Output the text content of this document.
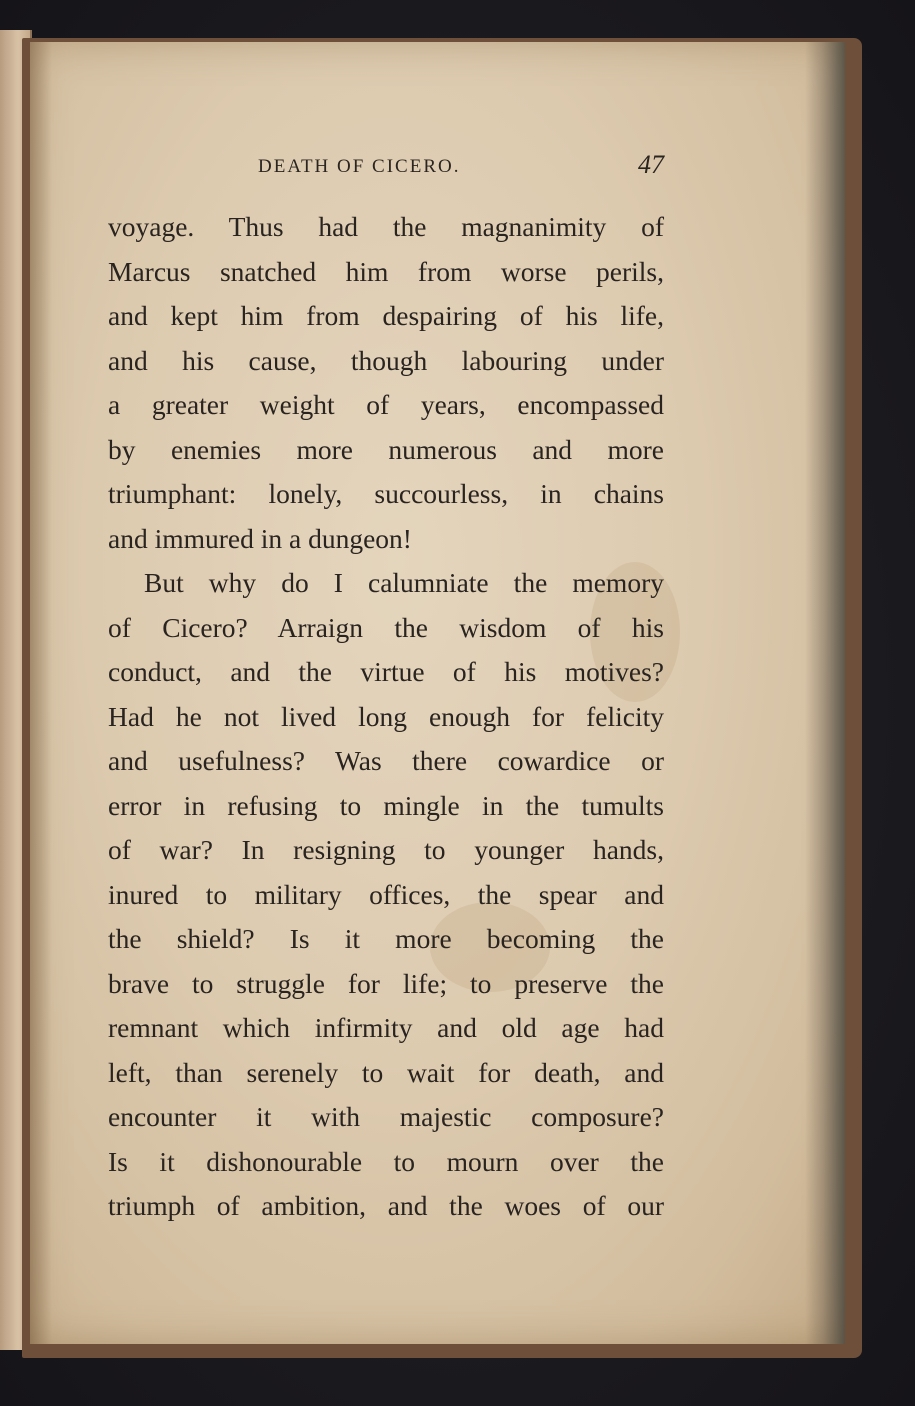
DEATH OF CICERO.	47
voyage. Thus had the magnanimity of
Marcus snatched him from worse perils,
and kept him from despairing of his life,
and his cause, though labouring under
a greater weight of years, encompassed
by enemies more numerous and more
triumphant: lonely, succourless, in chains
and immured in a dungeon!
But why do I calumniate the memory
of Cicero? Arraign the wisdom of his
conduct, and the virtue of his motives?
Had he not lived long enough for felicity
and usefulness? Was there cowardice or
error in refusing to mingle in the tumults
of war? In resigning to younger hands,
inured to military offices, the spear and
the shield? Is it more becoming the
brave to struggle for life; to preserve the
remnant which infirmity and old age had
left, than serenely to wait for death, and
encounter it with majestic composure?
Is it dishonourable to mourn over the
triumph of ambition, and the woes of our
